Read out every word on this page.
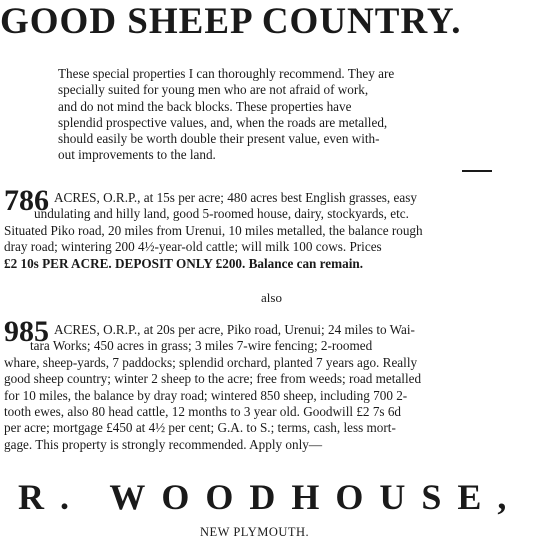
GOOD SHEEP COUNTRY.
These special properties I can thoroughly recommend. They are
specially suited for young men who are not afraid of work,
and do not mind the back blocks. These properties have
splendid prospective values, and, when the roads are metalled,
should easily be worth double their present value, even with-
out improvements to the land.
786 ACRES, O.R.P., at 15s per acre; 480 acres best English grasses, easy
undulating and hilly land, good 5-roomed house, dairy, stockyards, etc.
Situated Piko road, 20 miles from Urenui, 10 miles metalled, the balance rough
dray road; wintering 200 4½-year-old cattle; will milk 100 cows. Prices
£2 10s PER ACRE. DEPOSIT ONLY £200. Balance can remain.
also
985 ACRES, O.R.P., at 20s per acre, Piko road, Urenui; 24 miles to Wai-
tara Works; 450 acres in grass; 3 miles 7-wire fencing; 2-roomed
whare, sheep-yards, 7 paddocks; splendid orchard, planted 7 years ago. Really
good sheep country; winter 2 sheep to the acre; free from weeds; road metalled
for 10 miles, the balance by dray road; wintered 850 sheep, including 700 2-
tooth ewes, also 80 head cattle, 12 months to 3 year old. Goodwill £2 7s 6d
per acre; mortgage £450 at 4½ per cent; G.A. to S.; terms, cash, less mort-
gage. This property is strongly recommended. Apply only—
R. WOODHOUSE,
NEW PLYMOUTH.
